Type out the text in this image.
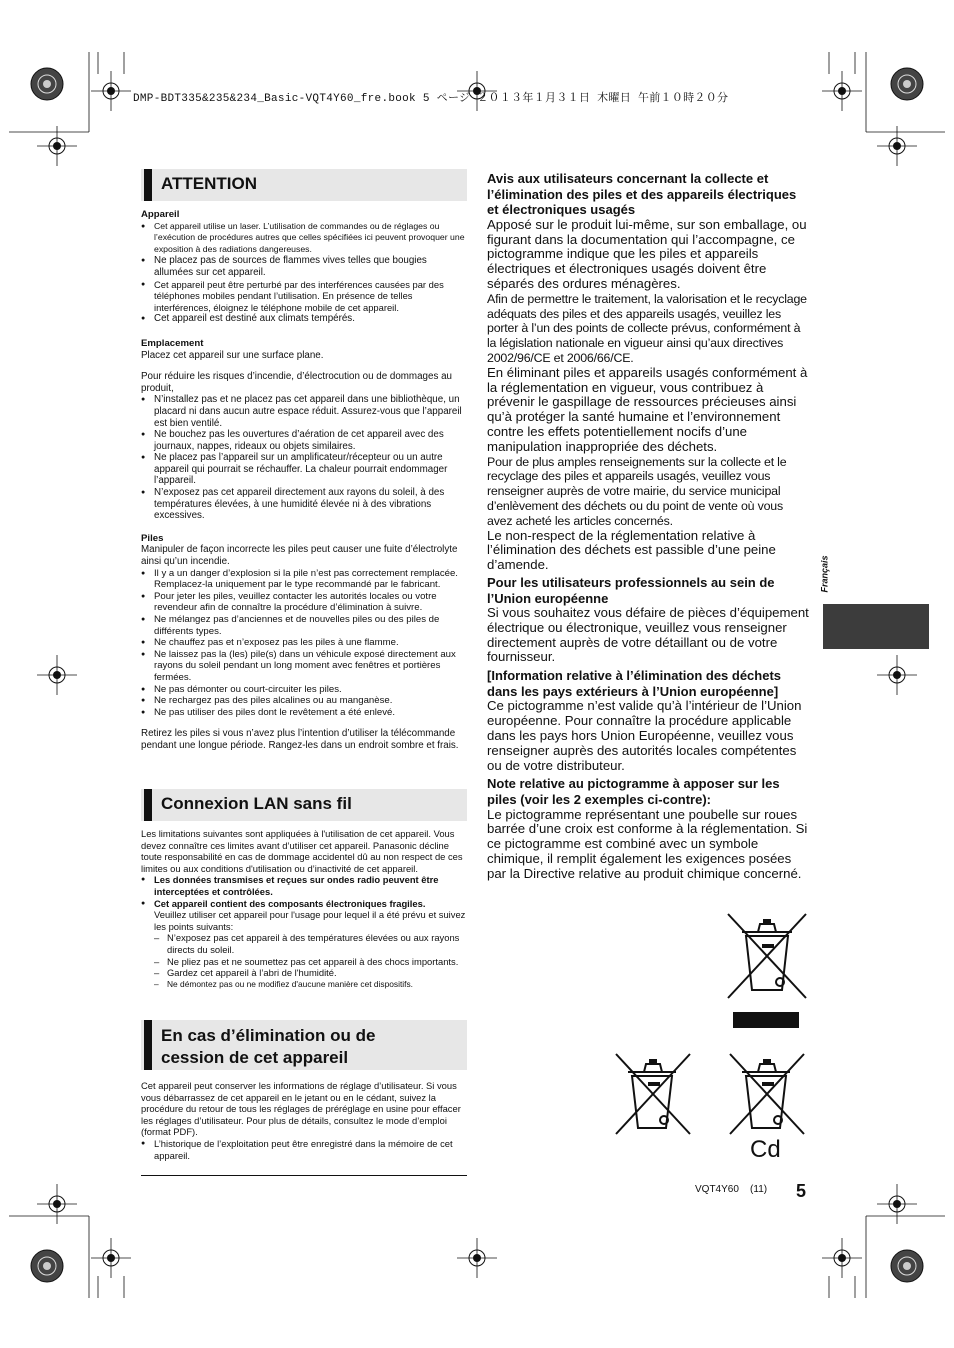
DMP-BDT335&235&234_Basic-VQT4Y60_fre.book 5 ページ ２０１３年１月３１日 木曜日 午前１０時２０分
ATTENTION
Appareil
● Cet appareil utilise un laser. L’utilisation de commandes ou de réglages ou l’exécution de procédures autres que celles spécifiées ici peuvent provoquer une exposition à des radiations dangereuses.
● Ne placez pas de sources de flammes vives telles que bougies allumées sur cet appareil.
● Cet appareil peut être perturbé par des interférences causées par des téléphones mobiles pendant l’utilisation. En présence de telles interférences, éloignez le téléphone mobile de cet appareil.
● Cet appareil est destiné aux climats tempérés.
Emplacement
Placez cet appareil sur une surface plane.
Pour réduire les risques d’incendie, d’électrocution ou de dommages au produit,
● N’installez pas et ne placez pas cet appareil dans une bibliothèque, un placard ni dans aucun autre espace réduit. Assurez-vous que l’appareil est bien ventilé.
● Ne bouchez pas les ouvertures d’aération de cet appareil avec des journaux, nappes, rideaux ou objets similaires.
● Ne placez pas l’appareil sur un amplificateur/récepteur ou un autre appareil qui pourrait se réchauffer. La chaleur pourrait endommager l’appareil.
● N’exposez pas cet appareil directement aux rayons du soleil, à des températures élevées, à une humidité élevée ni à des vibrations excessives.
Piles
Manipuler de façon incorrecte les piles peut causer une fuite d’électrolyte ainsi qu’un incendie.
● Il y a un danger d’explosion si la pile n’est pas correctement remplacée. Remplacez-la uniquement par le type recommandé par le fabricant.
● Pour jeter les piles, veuillez contacter les autorités locales ou votre revendeur afin de connaître la procédure d’élimination à suivre.
● Ne mélangez pas d’anciennes et de nouvelles piles ou des piles de différents types.
● Ne chauffez pas et n’exposez pas les piles à une flamme.
● Ne laissez pas la (les) pile(s) dans un véhicule exposé directement aux rayons du soleil pendant un long moment avec fenêtres et portières fermées.
● Ne pas démonter ou court-circuiter les piles.
● Ne rechargez pas des piles alcalines ou au manganèse.
● Ne pas utiliser des piles dont le revêtement a été enlevé.
Retirez les piles si vous n’avez plus l’intention d’utiliser la télécommande pendant une longue période. Rangez-les dans un endroit sombre et frais.
Connexion LAN sans fil
Les limitations suivantes sont appliquées à l'utilisation de cet appareil. Vous devez connaître ces limites avant d’utiliser cet appareil. Panasonic décline toute responsabilité en cas de dommage accidentel dû au non respect de ces limites ou aux conditions d'utilisation ou d’inactivité de cet appareil.
● Les données transmises et reçues sur ondes radio peuvent être interceptées et contrôlées.
● Cet appareil contient des composants électroniques fragiles.
Veuillez utiliser cet appareil pour l'usage pour lequel il a été prévu et suivez les points suivants:
– N’exposez pas cet appareil à des températures élevées ou aux rayons directs du soleil.
– Ne pliez pas et ne soumettez pas cet appareil à des chocs importants.
– Gardez cet appareil à l’abri de l'humidité.
– Ne démontez pas ou ne modifiez d'aucune manière cet dispositifs.
En cas d’élimination ou de
cession de cet appareil
Cet appareil peut conserver les informations de réglage d’utilisateur. Si vous vous débarrassez de cet appareil en le jetant ou en le cédant, suivez la procédure du retour de tous les réglages de préréglage en usine pour effacer les réglages d’utilisateur. Pour plus de détails, consultez le mode d’emploi (format PDF).
● L’historique de l’exploitation peut être enregistré dans la mémoire de cet appareil.
Avis aux utilisateurs concernant la collecte et l’élimination des piles et des appareils électriques et électroniques usagés
Apposé sur le produit lui-même, sur son emballage, ou figurant dans la documentation qui l’accompagne, ce pictogramme indique que les piles et appareils électriques et électroniques usagés doivent être séparés des ordures ménagères.
Afin de permettre le traitement, la valorisation et le recyclage adéquats des piles et des appareils usagés, veuillez les porter à l’un des points de collecte prévus, conformément à la législation nationale en vigueur ainsi qu’aux directives 2002/96/CE et 2006/66/CE.
En éliminant piles et appareils usagés conformément à la réglementation en vigueur, vous contribuez à prévenir le gaspillage de ressources précieuses ainsi qu’à protéger la santé humaine et l’environnement contre les effets potentiellement nocifs d’une manipulation inappropriée des déchets.
Pour de plus amples renseignements sur la collecte et le recyclage des piles et appareils usagés, veuillez vous renseigner auprès de votre mairie, du service municipal d’enlèvement des déchets ou du point de vente où vous avez acheté les articles concernés.
Le non-respect de la réglementation relative à l’élimination des déchets est passible d’une peine d’amende.
Pour les utilisateurs professionnels au sein de l’Union européenne
Si vous souhaitez vous défaire de pièces d’équipement électrique ou électronique, veuillez vous renseigner directement auprès de votre détaillant ou de votre fournisseur.
[Information relative à l’élimination des déchets dans les pays extérieurs à l’Union européenne]
Ce pictogramme n’est valide qu’à l’intérieur de l’Union européenne. Pour connaître la procédure applicable dans les pays hors Union Européenne, veuillez vous renseigner auprès des autorités locales compétentes ou de votre distributeur.
Note relative au pictogramme à apposer sur les piles (voir les 2 exemples ci-contre):
Le pictogramme représentant une poubelle sur roues barrée d’une croix est conforme à la réglementation. Si ce pictogramme est combiné avec un symbole chimique, il remplit également les exigences posées par la Directive relative au produit chimique concerné.
Cd
Français
VQT4Y60 (11) 5
